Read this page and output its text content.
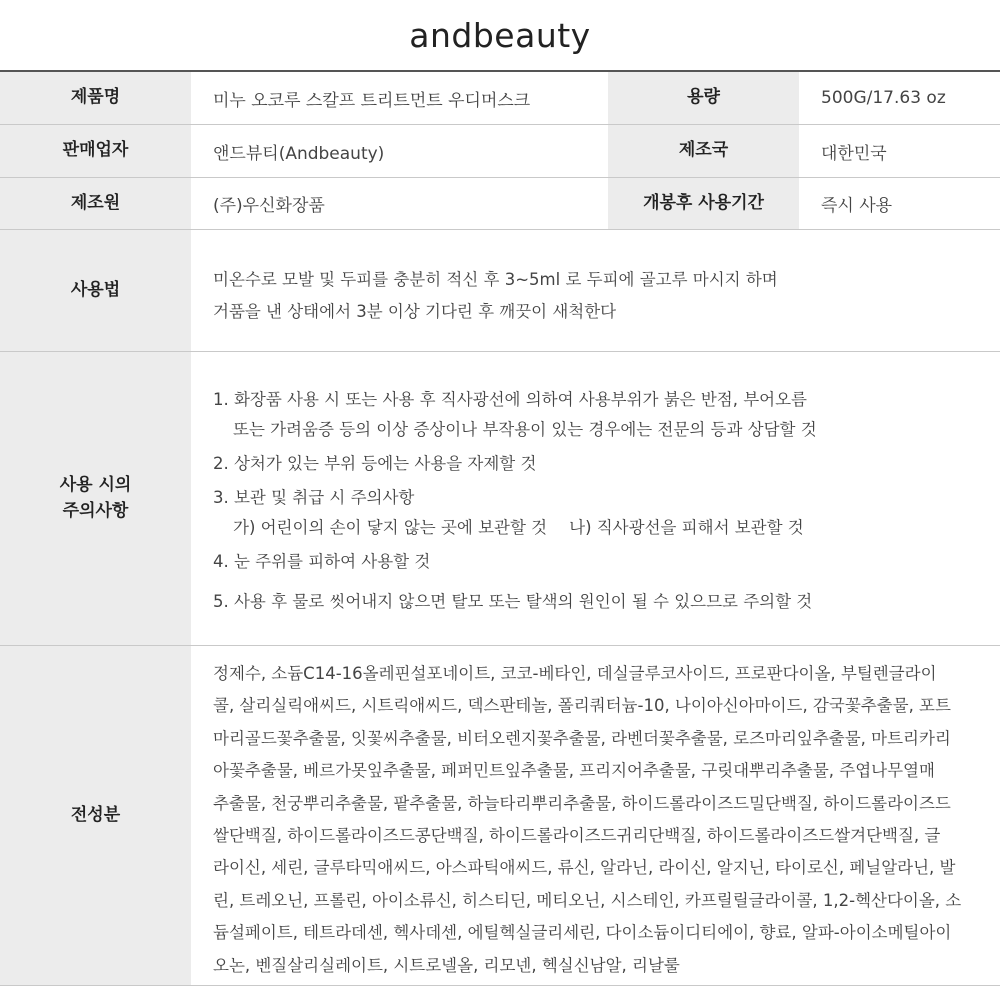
andbeauty
제품명	미누 오코루 스칼프 트리트먼트 우디머스크	용량	500G/17.63 oz
판매업자	앤드뷰티(Andbeauty)	제조국	대한민국
제조원	(주)우신화장품	개봉후 사용기간	즉시 사용
사용법

미온수로 모발 및 두피를 충분히 적신 후 3~5ml 로 두피에 골고루 마시지 하며

거품을 낸 상태에서 3분 이상 기다린 후 깨끗이 새척한다

사용 시의
주의사항
1. 화장품 사용 시 또는 사용 후 직사광선에 의하여 사용부위가 붉은 반점, 부어오름
또는 가려움증 등의 이상 증상이나 부작용이 있는 경우에는 전문의 등과 상담할 것
2. 상처가 있는 부위 등에는 사용을 자제할 것
3. 보관 및 취급 시 주의사항
가) 어린이의 손이 닿지 않는 곳에 보관할 것 나) 직사광선을 피해서 보관할 것
4. 눈 주위를 피하여 사용할 것
5. 사용 후 물로 씻어내지 않으면 탈모 또는 탈색의 원인이 될 수 있으므로 주의할 것
전성분
정제수, 소듐C14-16올레핀설포네이트, 코코-베타인, 데실글루코사이드, 프로판다이올, 부틸렌글라이
콜, 살리실릭애씨드, 시트릭애씨드, 덱스판테놀, 폴리쿼터늄-10, 나이아신아마이드, 감국꽃추출물, 포트
마리골드꽃추출물, 잇꽃씨추출물, 비터오렌지꽃추출물, 라벤더꽃추출물, 로즈마리잎추출물, 마트리카리
아꽃추출물, 베르가못잎추출물, 페퍼민트잎추출물, 프리지어추출물, 구릿대뿌리추출물, 주엽나무열매
추출물, 천궁뿌리추출물, 팥추출물, 하늘타리뿌리추출물, 하이드롤라이즈드밀단백질, 하이드롤라이즈드
쌀단백질, 하이드롤라이즈드콩단백질, 하이드롤라이즈드귀리단백질, 하이드롤라이즈드쌀겨단백질, 글
라이신, 세린, 글루타믹애씨드, 아스파틱애씨드, 류신, 알라닌, 라이신, 알지닌, 타이로신, 페닐알라닌, 발
린, 트레오닌, 프롤린, 아이소류신, 히스티딘, 메티오닌, 시스테인, 카프릴릴글라이콜, 1,2-헥산다이올, 소
듐설페이트, 테트라데센, 헥사데센, 에틸헥실글리세린, 다이소듐이디티에이, 향료, 알파-아이소메틸아이
오논, 벤질살리실레이트, 시트로넬올, 리모넨, 헥실신남알, 리날룰
